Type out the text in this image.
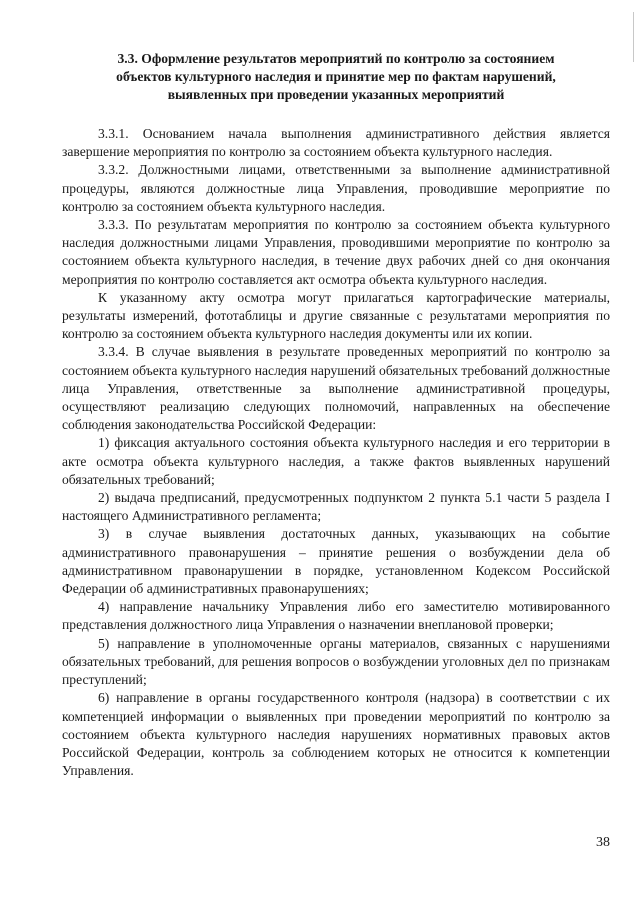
3.3. Оформление результатов мероприятий по контролю за состоянием
объектов культурного наследия и принятие мер по фактам нарушений,
выявленных при проведении указанных мероприятий

3.3.1. Основанием начала выполнения административного действия является завершение мероприятия по контролю за состоянием объекта культурного наследия.

3.3.2. Должностными лицами, ответственными за выполнение административной процедуры, являются должностные лица Управления, проводившие мероприятие по контролю за состоянием объекта культурного наследия.

3.3.3. По результатам мероприятия по контролю за состоянием объекта культурного наследия должностными лицами Управления, проводившими мероприятие по контролю за состоянием объекта культурного наследия, в течение двух рабочих дней со дня окончания мероприятия по контролю составляется акт осмотра объекта культурного наследия.

К указанному акту осмотра могут прилагаться картографические материалы, результаты измерений, фототаблицы и другие связанные с результатами мероприятия по контролю за состоянием объекта культурного наследия документы или их копии.

3.3.4. В случае выявления в результате проведенных мероприятий по контролю за состоянием объекта культурного наследия нарушений обязательных требований должностные лица Управления, ответственные за выполнение административной процедуры, осуществляют реализацию следующих полномочий, направленных на обеспечение соблюдения законодательства Российской Федерации:

1) фиксация актуального состояния объекта культурного наследия и его территории в акте осмотра объекта культурного наследия, а также фактов выявленных нарушений обязательных требований;

2) выдача предписаний, предусмотренных подпунктом 2 пункта 5.1 части 5 раздела I настоящего Административного регламента;

3) в случае выявления достаточных данных, указывающих на событие административного правонарушения – принятие решения о возбуждении дела об административном правонарушении в порядке, установленном Кодексом Российской Федерации об административных правонарушениях;

4) направление начальнику Управления либо его заместителю мотивированного представления должностного лица Управления о назначении внеплановой проверки;

5) направление в уполномоченные органы материалов, связанных с нарушениями обязательных требований, для решения вопросов о возбуждении уголовных дел по признакам преступлений;

6) направление в органы государственного контроля (надзора) в соответствии с их компетенцией информации о выявленных при проведении мероприятий по контролю за состоянием объекта культурного наследия нарушениях нормативных правовых актов Российской Федерации, контроль за соблюдением которых не относится к компетенции Управления.

38
